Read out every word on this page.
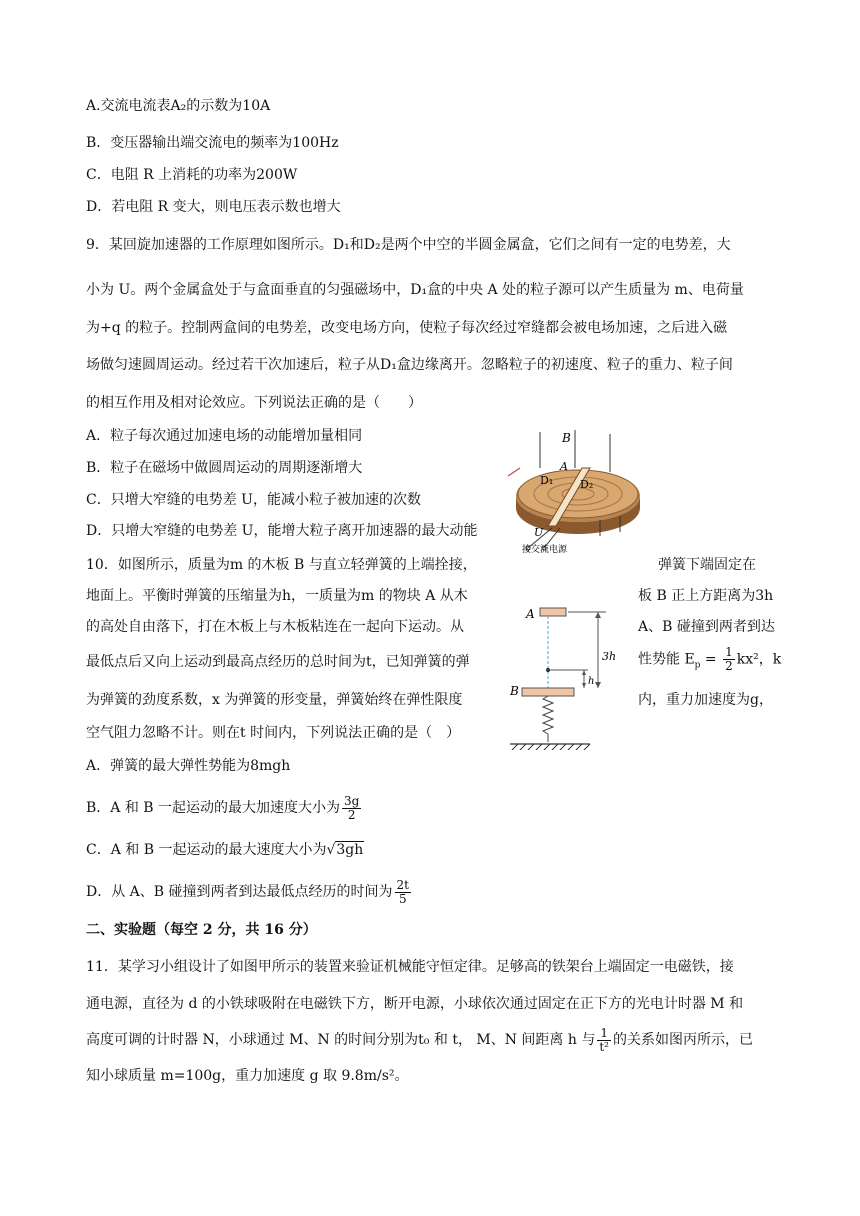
A.交流电流表A₂的示数为10A
B．变压器输出端交流电的频率为100Hz
C．电阻 R 上消耗的功率为200W
D．若电阻 R 变大，则电压表示数也增大
9．某回旋加速器的工作原理如图所示。D₁和D₂是两个中空的半圆金属盒，它们之间有一定的电势差，大
小为 U。两个金属盒处于与盒面垂直的匀强磁场中，D₁盒的中央 A 处的粒子源可以产生质量为 m、电荷量
为+q 的粒子。控制两盒间的电势差，改变电场方向，使粒子每次经过窄缝都会被电场加速，之后进入磁
场做匀速圆周运动。经过若干次加速后，粒子从D₁盒边缘离开。忽略粒子的初速度、粒子的重力、粒子间
的相互作用及相对论效应。下列说法正确的是（　　）
A．粒子每次通过加速电场的动能增加量相同
B．粒子在磁场中做圆周运动的周期逐渐增大
C．只增大窄缝的电势差 U，能减小粒子被加速的次数
D．只增大窄缝的电势差 U，能增大粒子离开加速器的最大动能
B
A
D₁ D₂
U
接交流电源
10．如图所示，质量为m 的木板 B 与直立轻弹簧的上端拴接，	弹簧下端固定在
地面上。平衡时弹簧的压缩量为h，一质量为m 的物块 A 从木	板 B 正上方距离为3h
的高处自由落下，打在木板上与木板粘连在一起向下运动。从	A、B 碰撞到两者到达
最低点后又向上运动到最高点经历的总时间为t，已知弹簧的弹	性势能 $E_p = \frac{1}{2} kx^2$，k
为弹簧的劲度系数，x 为弹簧的形变量，弹簧始终在弹性限度	内，重力加速度为g，
空气阻力忽略不计。则在t 时间内，下列说法正确的是（　）
A．弹簧的最大弹性势能为8mgh
B．A 和 B 一起运动的最大加速度大小为 $\frac{3g}{2}$
C．A 和 B 一起运动的最大速度大小为√3gh
D．从 A、B 碰撞到两者到达最低点经历的时间为 $\frac{2t}{5}$
A
B
3h
h
二、实验题（每空 2 分，共 16 分）
11．某学习小组设计了如图甲所示的装置来验证机械能守恒定律。足够高的铁架台上端固定一电磁铁，接
通电源，直径为 d 的小铁球吸附在电磁铁下方，断开电源，小球依次通过固定在正下方的光电计时器 M 和
高度可调的计时器 N，小球通过 M、N 的时间分别为t₀ 和 t， M、N 间距离 h 与 $\frac{1}{\text{t²}}$ 的关系如图丙所示，已
知小球质量 m=100g，重力加速度 g 取 9.8m/s²。
